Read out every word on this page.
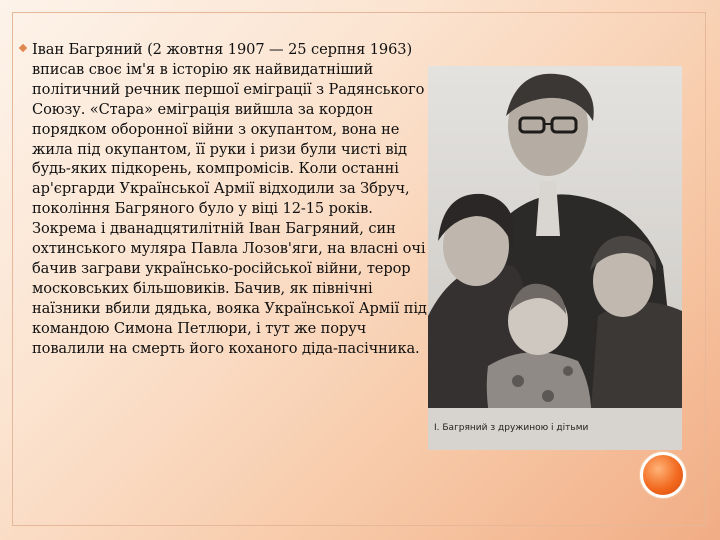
Іван Багряний (2 жовтня 1907 — 25 серпня 1963) вписав своє ім'я в історію як найвидатніший політичний речник першої еміграції з Радянського Союзу. «Стара» еміграція вийшла за кордон порядком оборонної війни з окупантом, вона не жила під окупантом, її руки і ризи були чисті від будь-яких підкорень, компромісів. Коли останні ар'єргарди Української Армії відходили за Збруч, покоління Багряного було у віці 12-15 років. Зокрема і дванадцятилітній Іван Багряний, син охтинського муляра Павла Лозов'яги, на власні очі бачив заграви українсько-російської війни, терор московських більшовиків. Бачив, як північні наїзники вбили дядька, вояка Української Армії під командою Симона Петлюри, і тут же поруч повалили на смерть його коханого діда-пасічника.

І. Багряний з дружиною і дітьми
